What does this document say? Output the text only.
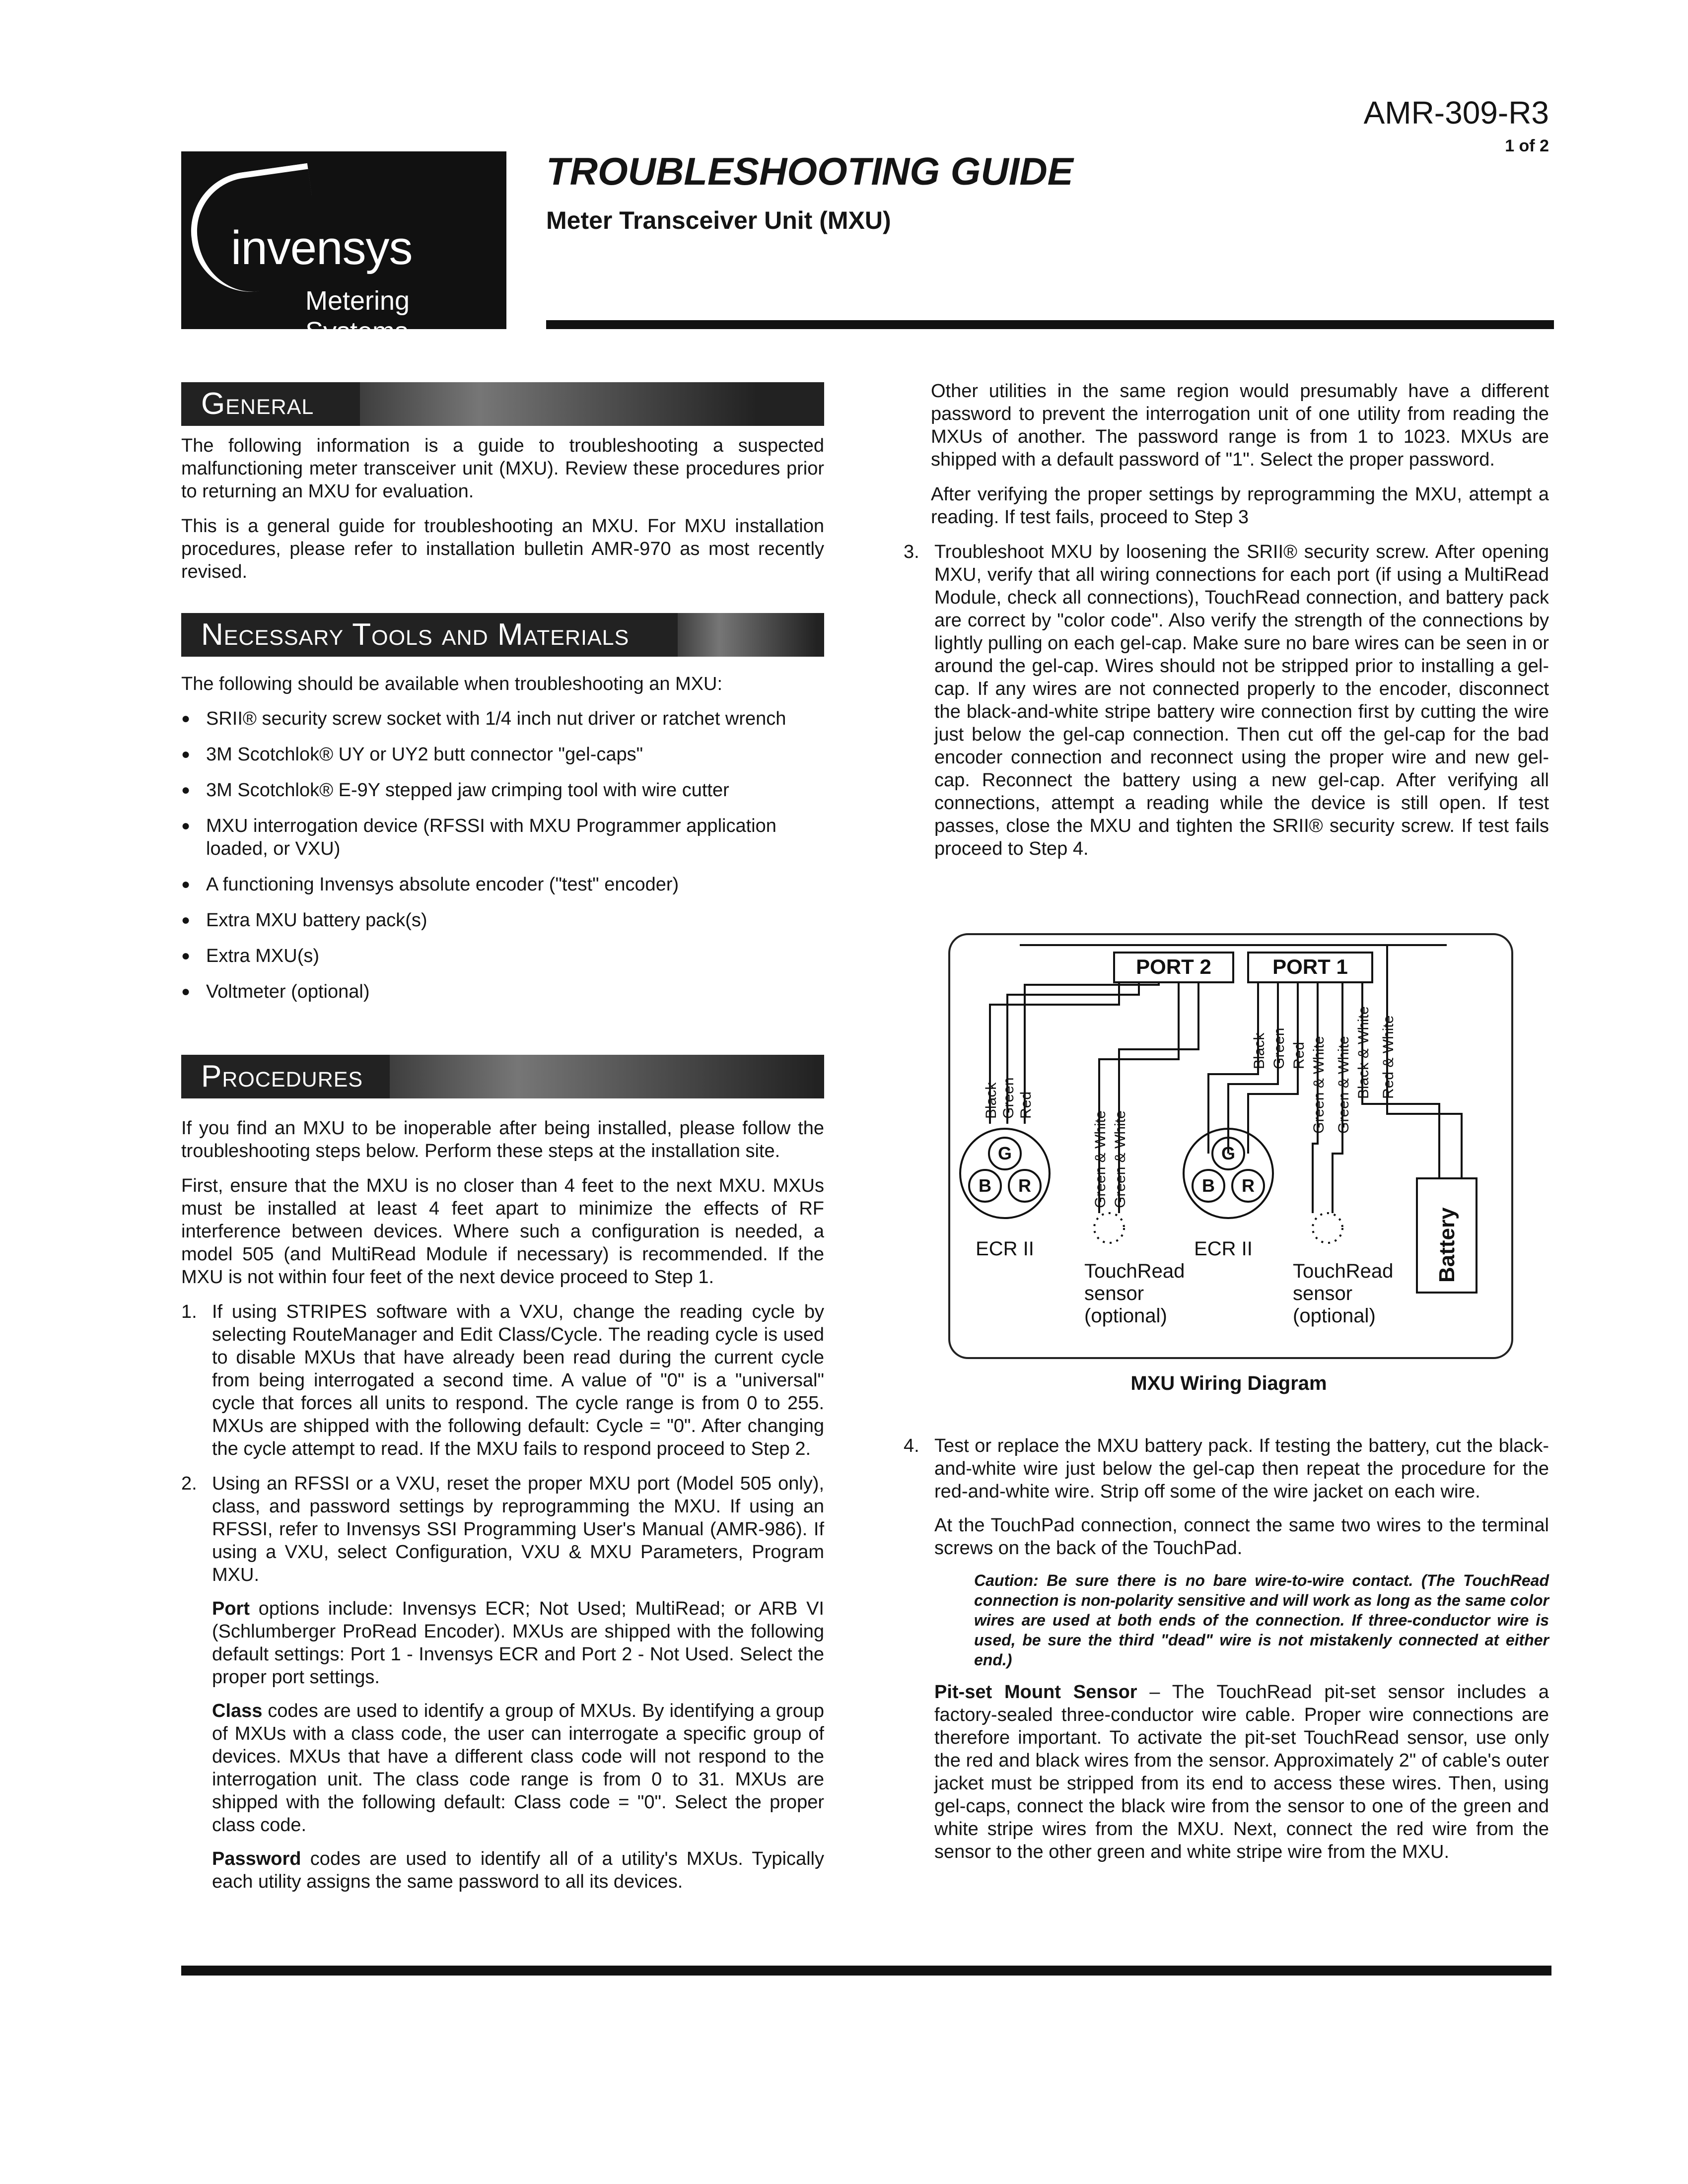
AMR-309-R3
1 of 2
invensys
Metering Systems
TROUBLESHOOTING GUIDE
Meter Transceiver Unit (MXU)
General

The following information is a guide to troubleshooting a suspected malfunctioning meter transceiver unit (MXU). Review these procedures prior to returning an MXU for evaluation.

This is a general guide for troubleshooting an MXU. For MXU installation procedures, please refer to installation bulletin AMR-970 as most recently revised.

Necessary Tools and Materials

The following should be available when troubleshooting an MXU:

● SRII® security screw socket with 1/4 inch nut driver or ratchet wrench
● 3M Scotchlok® UY or UY2 butt connector "gel-caps"
● 3M Scotchlok® E-9Y stepped jaw crimping tool with wire cutter
● MXU interrogation device (RFSSI with MXU Programmer application loaded, or VXU)
● A functioning Invensys absolute encoder ("test" encoder)
● Extra MXU battery pack(s)
● Extra MXU(s)
● Voltmeter (optional)
Procedures

If you find an MXU to be inoperable after being installed, please follow the troubleshooting steps below. Perform these steps at the installation site.

First, ensure that the MXU is no closer than 4 feet to the next MXU. MXUs must be installed at least 4 feet apart to minimize the effects of RF interference between devices. Where such a configuration is needed, a model 505 (and MultiRead Module if necessary) is recommended. If the MXU is not within four feet of the next device proceed to Step 1.

1. If using STRIPES software with a VXU, change the reading cycle by selecting RouteManager and Edit Class/Cycle. The reading cycle is used to disable MXUs that have already been read during the current cycle from being interrogated a second time. A value of "0" is a "universal" cycle that forces all units to respond. The cycle range is from 0 to 255. MXUs are shipped with the following default: Cycle = "0". After changing the cycle attempt to read. If the MXU fails to respond proceed to Step 2.

2. Using an RFSSI or a VXU, reset the proper MXU port (Model 505 only), class, and password settings by reprogramming the MXU. If using an RFSSI, refer to Invensys SSI Programming User's Manual (AMR-986). If using a VXU, select Configuration, VXU & MXU Parameters, Program MXU.

Port options include: Invensys ECR; Not Used; MultiRead; or ARB VI (Schlumberger ProRead Encoder). MXUs are shipped with the following default settings: Port 1 - Invensys ECR and Port 2 - Not Used. Select the proper port settings.

Class codes are used to identify a group of MXUs. By identifying a group of MXUs with a class code, the user can interrogate a specific group of devices. MXUs that have a different class code will not respond to the interrogation unit. The class code range is from 0 to 31. MXUs are shipped with the following default: Class code = "0". Select the proper class code.

Password codes are used to identify all of a utility's MXUs. Typically each utility assigns the same password to all its devices.

Other utilities in the same region would presumably have a different password to prevent the interrogation unit of one utility from reading the MXUs of another. The password range is from 1 to 1023. MXUs are shipped with a default password of "1". Select the proper password.

After verifying the proper settings by reprogramming the MXU, attempt a reading. If test fails, proceed to Step 3

3. Troubleshoot MXU by loosening the SRII® security screw. After opening MXU, verify that all wiring connections for each port (if using a MultiRead Module, check all connections), TouchRead connection, and battery pack are correct by "color code". Also verify the strength of the connections by lightly pulling on each gel-cap. Make sure no bare wires can be seen in or around the gel-cap. Wires should not be stripped prior to installing a gel-cap. If any wires are not connected properly to the encoder, disconnect the black-and-white stripe battery wire connection first by cutting the wire just below the gel-cap connection. Then cut off the gel-cap for the bad encoder connection and reconnect using the proper wire and new gel-cap. Reconnect the battery using a new gel-cap. After verifying all connections, attempt a reading while the device is still open. If test passes, close the MXU and tighten the SRII® security screw. If test fails proceed to Step 4.

PORT 2	PORT 1
G
B R
G
B R
ECR II	ECR II
TouchRead
sensor
(optional)
TouchRead
sensor
(optional)
Battery
Black Green Red
Green & White Green & White
Black Green Red Green & White Green & White Black & White Red & White
MXU Wiring Diagram
4. Test or replace the MXU battery pack. If testing the battery, cut the black-and-white wire just below the gel-cap then repeat the procedure for the red-and-white wire. Strip off some of the wire jacket on each wire.

At the TouchPad connection, connect the same two wires to the terminal screws on the back of the TouchPad.

Caution: Be sure there is no bare wire-to-wire contact. (The TouchRead connection is non-polarity sensitive and will work as long as the same color wires are used at both ends of the connection. If three-conductor wire is used, be sure the third "dead" wire is not mistakenly connected at either end.)

Pit-set Mount Sensor – The TouchRead pit-set sensor includes a factory-sealed three-conductor wire cable. Proper wire connections are therefore important. To activate the pit-set TouchRead sensor, use only the red and black wires from the sensor. Approximately 2" of cable's outer jacket must be stripped from its end to access these wires. Then, using gel-caps, connect the black wire from the sensor to one of the green and white stripe wires from the MXU. Next, connect the red wire from the sensor to the other green and white stripe wire from the MXU.
